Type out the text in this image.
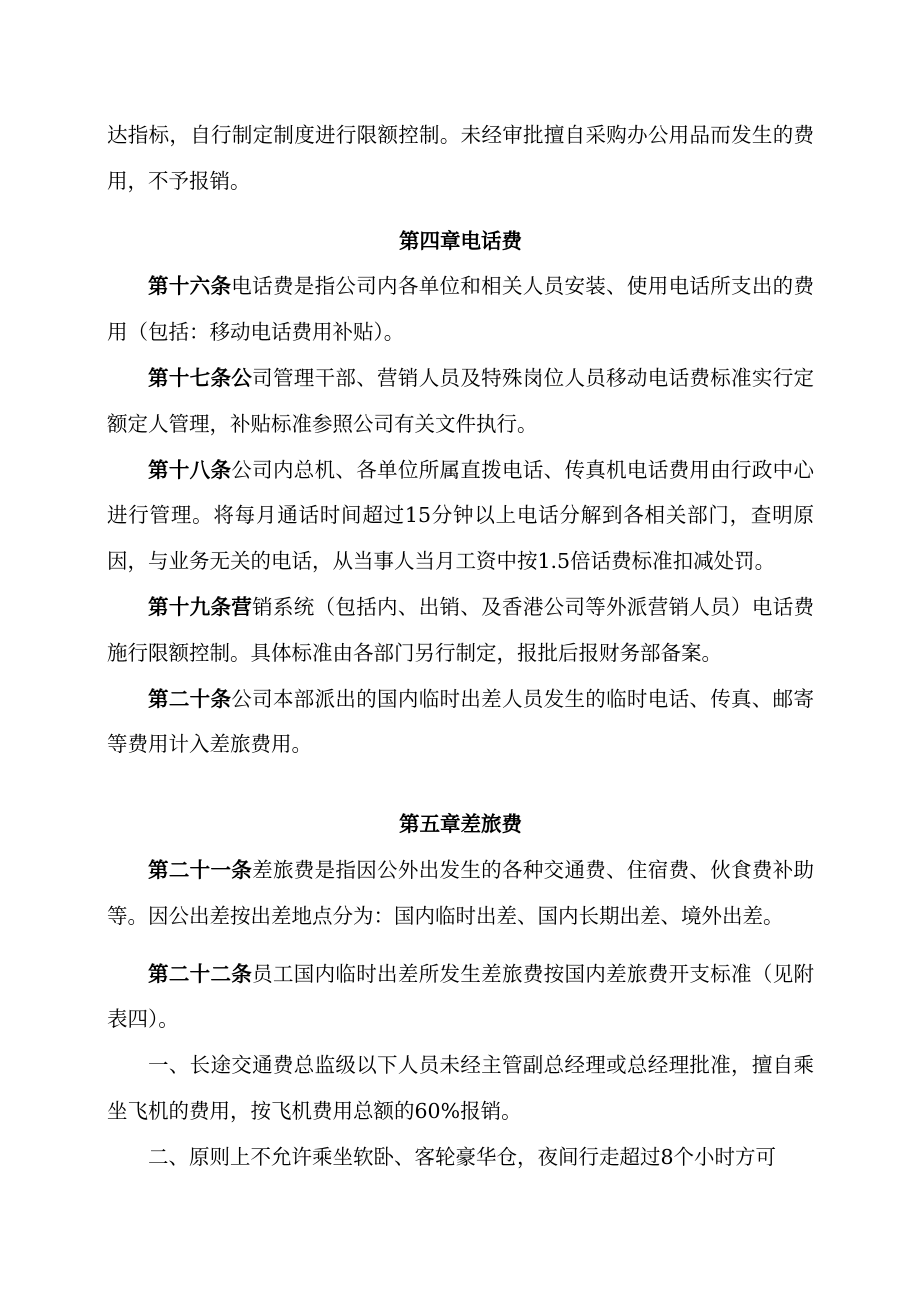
达指标，自行制定制度进行限额控制。未经审批擅自采购办公用品而发生的费用，不予报销。

第四章电话费

第十六条电话费是指公司内各单位和相关人员安装、使用电话所支出的费用（包括：移动电话费用补贴）。

第十七条公司管理干部、营销人员及特殊岗位人员移动电话费标准实行定额定人管理，补贴标准参照公司有关文件执行。

第十八条公司内总机、各单位所属直拨电话、传真机电话费用由行政中心进行管理。将每月通话时间超过15分钟以上电话分解到各相关部门，查明原因，与业务无关的电话，从当事人当月工资中按1.5倍话费标准扣减处罚。

第十九条营销系统（包括内、出销、及香港公司等外派营销人员）电话费施行限额控制。具体标准由各部门另行制定，报批后报财务部备案。

第二十条公司本部派出的国内临时出差人员发生的临时电话、传真、邮寄等费用计入差旅费用。

第五章差旅费

第二十一条差旅费是指因公外出发生的各种交通费、住宿费、伙食费补助等。因公出差按出差地点分为：国内临时出差、国内长期出差、境外出差。

第二十二条员工国内临时出差所发生差旅费按国内差旅费开支标准（见附表四）。

一、长途交通费总监级以下人员未经主管副总经理或总经理批准，擅自乘坐飞机的费用，按飞机费用总额的60%报销。

二、原则上不允许乘坐软卧、客轮豪华仓，夜间行走超过8个小时方可
